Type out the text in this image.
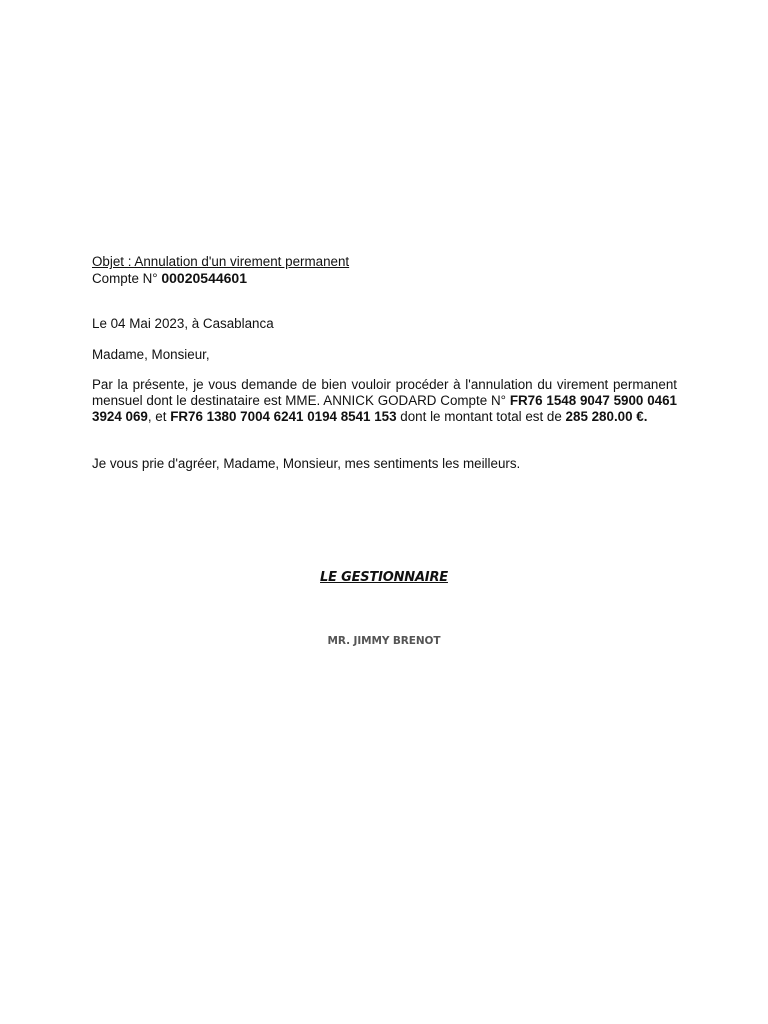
Objet : Annulation d'un virement permanent
Compte N° 00020544601
Le 04 Mai 2023, à Casablanca
Madame, Monsieur,
Par la présente, je vous demande de bien vouloir procéder à l'annulation du virement permanent mensuel dont le destinataire est MME. ANNICK GODARD Compte N° FR76 1548 9047 5900 0461 3924 069, et FR76 1380 7004 6241 0194 8541 153 dont le montant total est de 285 280.00 €.
Je vous prie d'agréer, Madame, Monsieur, mes sentiments les meilleurs.
LE GESTIONNAIRE
MR. JIMMY BRENOT
